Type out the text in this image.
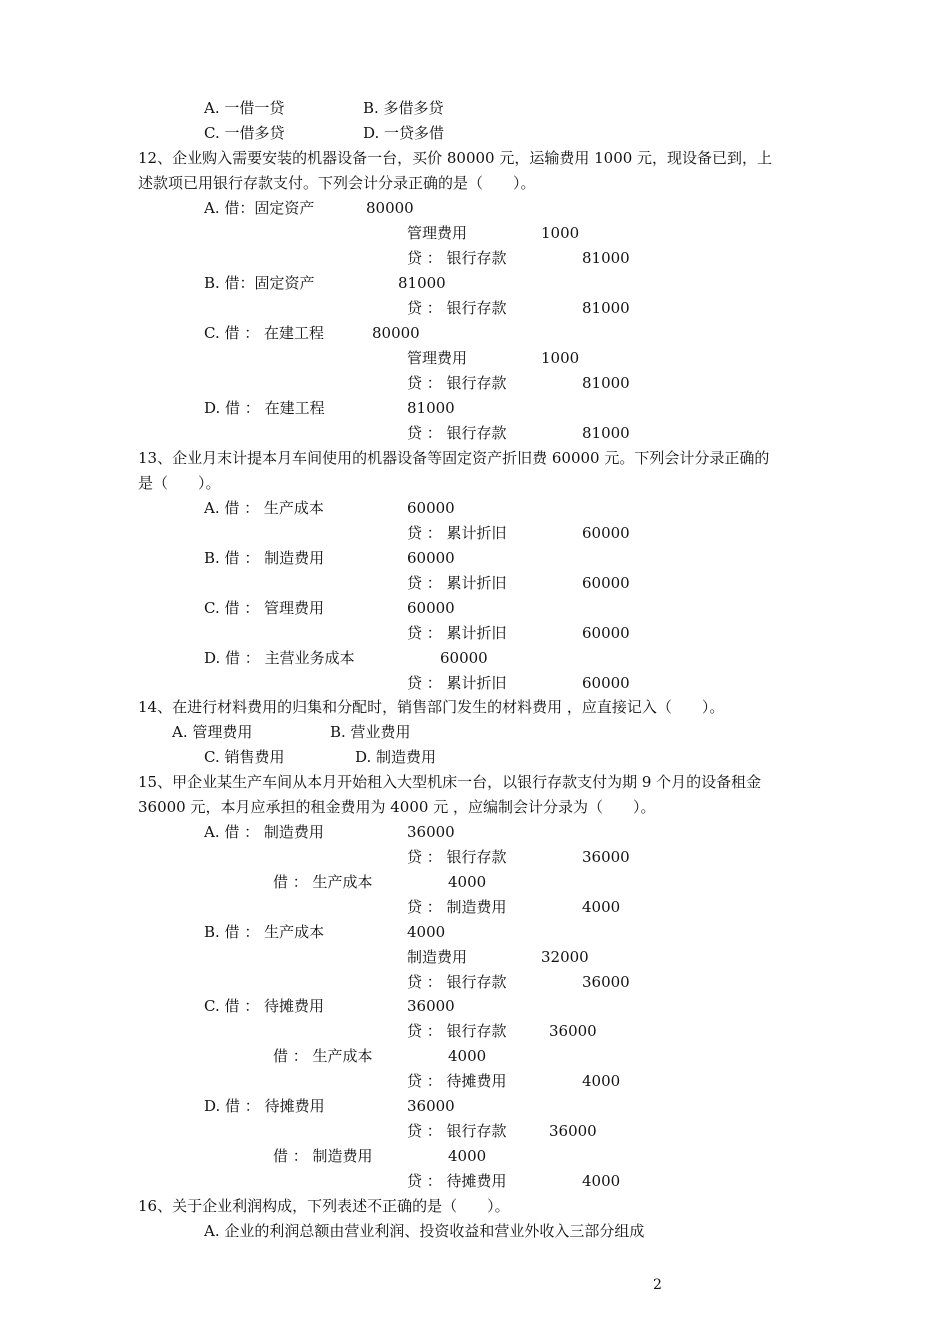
A. 一借一贷	B. 多借多贷
C. 一借多贷	D. 一贷多借
12、企业购入需要安装的机器设备一台，买价 80000 元，运输费用 1000 元，现设备已到，上
述款项已用银行存款支付。下列会计分录正确的是（　　）。
A. 借：固定资产	80000
管理费用	1000
贷 ： 银行存款	81000
B. 借：固定资产	81000
贷 ： 银行存款	81000
C. 借 ： 在建工程	80000
管理费用	1000
贷 ： 银行存款	81000
D. 借 ： 在建工程	81000
贷 ： 银行存款	81000
13、企业月末计提本月车间使用的机器设备等固定资产折旧费 60000 元。下列会计分录正确的
是（　　）。
A. 借 ： 生产成本	60000
贷 ： 累计折旧	60000
B. 借 ： 制造费用	60000
贷 ： 累计折旧	60000
C. 借 ： 管理费用	60000
贷 ： 累计折旧	60000
D. 借 ： 主营业务成本	60000
贷 ： 累计折旧	60000
14、在进行材料费用的归集和分配时，销售部门发生的材料费用 ，应直接记入（　　）。
A. 管理费用	B. 营业费用
C. 销售费用	D. 制造费用
15、甲企业某生产车间从本月开始租入大型机床一台，以银行存款支付为期 9 个月的设备租金
36000 元，本月应承担的租金费用为 4000 元 ，应编制会计分录为（　　）。
A. 借 ： 制造费用	36000
贷 ： 银行存款	36000
借 ： 生产成本	4000
贷 ： 制造费用	4000
B. 借 ： 生产成本	4000
制造费用	32000
贷 ： 银行存款	36000
C. 借 ： 待摊费用	36000
贷 ： 银行存款	36000
借 ： 生产成本	4000
贷 ： 待摊费用	4000
D. 借 ： 待摊费用	36000
贷 ： 银行存款	36000
借 ： 制造费用	4000
贷 ： 待摊费用	4000
16、关于企业利润构成，下列表述不正确的是（　　）。
A. 企业的利润总额由营业利润、投资收益和营业外收入三部分组成
2
